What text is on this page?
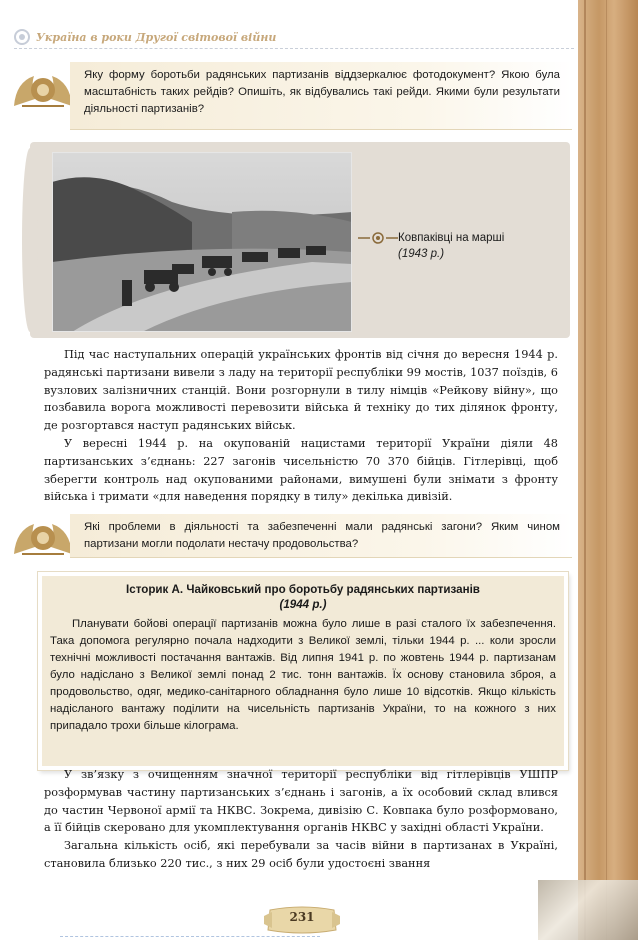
Україна в роки Другої світової війни
Яку форму боротьби радянських партизанів віддзеркалює фотодокумент? Якою була масштабність таких рейдів? Опишіть, як відбувались такі рейди. Якими були результати діяльності партизанів?
Ковпаківці на марші
(1943 р.)

Під час наступальних операцій українських фронтів від січня до вересня 1944 р. радянські партизани вивели з ладу на території республіки 99 мостів, 1037 поїздів, 6 вузлових залізничних станцій. Вони розгорнули в тилу німців «Рейкову війну», що позбавила ворога можливості перевозити війська й техніку до тих ділянок фронту, де розгортався наступ радянських військ.

У вересні 1944 р. на окупованій нацистами території України діяли 48 партизанських з’єднань: 227 загонів чисельністю 70 370 бійців. Гітлерівці, щоб зберегти контроль над окупованими районами, вимушені були знімати з фронту війська і тримати «для наведення порядку в тилу» декілька дивізій.

Які проблеми в діяльності та забезпеченні мали радянські загони? Яким чином партизани могли подолати нестачу продовольства?
Історик А. Чайковський про боротьбу радянських партизанів
(1944 р.)

Планувати бойові операції партизанів можна було лише в разі сталого їх забезпечення. Така допомога регулярно почала надходити з Великої землі, тільки 1944 р. ... коли зросли технічні можливості постачання вантажів. Від липня 1941 р. по жовтень 1944 р. партизанам було надіслано з Великої землі понад 2 тис. тонн вантажів. Їх основу становила зброя, а продовольство, одяг, медико-санітарного обладнання було лише 10 відсотків. Якщо кількість надісланого вантажу поділити на чисельність партизанів України, то на кожного з них припадало трохи більше кілограма.

У зв’язку з очищенням значної території республіки від гітлерівців УШПР розформував частину партизанських з’єднань і загонів, а їх особовий склад влився до частин Червоної армії та НКВС. Зокрема, дивізію С. Ковпака було розформовано, а її бійців скеровано для укомплектування органів НКВС у західні області України.

Загальна кількість осіб, які перебували за часів війни в партизанах в Україні, становила близько 220 тис., з них 29 осіб були удостоєні звання

231
